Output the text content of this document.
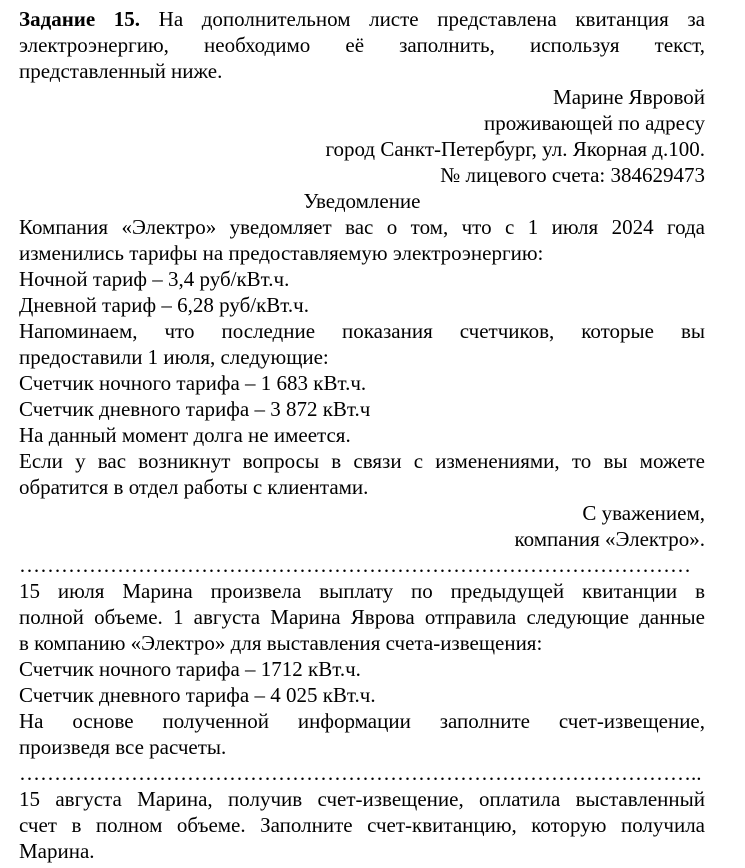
Задание 15. На дополнительном листе представлена квитанция за
электроэнергию, необходимо её заполнить, используя текст,
представленный ниже.
Марине Явровой
проживающей по адресу
город Санкт-Петербург, ул. Якорная д.100.
№ лицевого счета: 384629473
Уведомление
Компания «Электро» уведомляет вас о том, что с 1 июля 2024 года
изменились тарифы на предоставляемую электроэнергию:
Ночной тариф – 3,4 руб/кВт.ч.
Дневной тариф – 6,28 руб/кВт.ч.
Напоминаем, что последние показания счетчиков, которые вы
предоставили 1 июля, следующие:
Счетчик ночного тарифа – 1 683 кВт.ч.
Счетчик дневного тарифа – 3 872 кВт.ч
На данный момент долга не имеется.
Если у вас возникнут вопросы в связи с изменениями, то вы можете
обратится в отдел работы с клиентами.
С уважением,
компания «Электро».
……………………………………………………………………………………
15 июля Марина произвела выплату по предыдущей квитанции в
полной объеме. 1 августа Марина Яврова отправила следующие данные
в компанию «Электро» для выставления счета-извещения:
Счетчик ночного тарифа – 1712 кВт.ч.
Счетчик дневного тарифа – 4 025 кВт.ч.
На основе полученной информации заполните счет-извещение,
произведя все расчеты.
……………………………………………………………………………………..
15 августа Марина, получив счет-извещение, оплатила выставленный
счет в полном объеме. Заполните счет-квитанцию, которую получила
Марина.
